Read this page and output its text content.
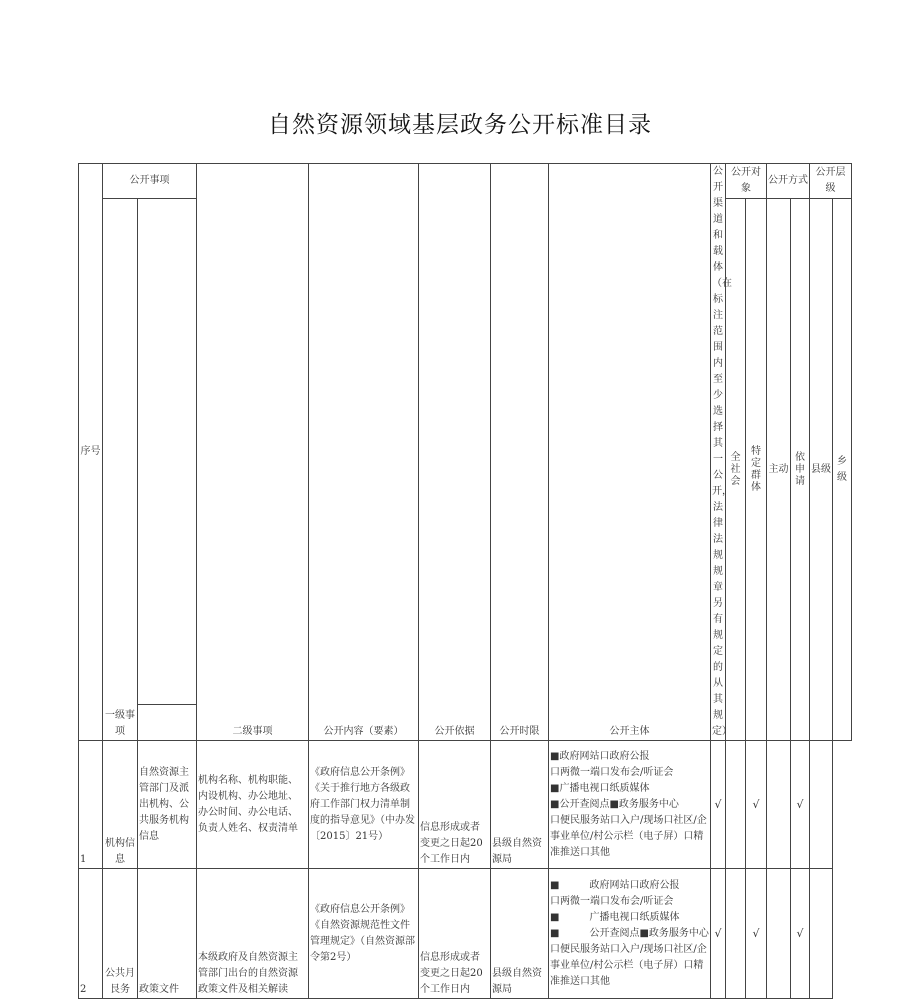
自然资源领域基层政务公开标准目录
序号	公开事项		二级事项	公开内容（要素）	公开依据	公开时限	公开主体	公开渠道和载体（在标注范围内至少选择其一公开，法律法规规章另有规定的从其规定）	公开对象		公开方式		公开层级	
	一级事项								全社会	特定群体	主动	依申请	县级	乡级

1	机构信息	自然资源主管部门及派出机构、公共服务机构信息	机构名称、机构职能、内设机构、办公地址、办公时间、办公电话、负责人姓名、权责清单	《政府信息公开条例》《关于推行地方各级政府工作部门权力清单制度的指导意见》（中办发〔2015〕21号）	信息形成或者变更之日起20个工作日内	县级自然资源局	■政府网站口政府公报
口两微一端口发布会/听证会
■广播电视口纸质媒体
■公开查阅点■政务服务中心
口便民服务站口入户/现场口社区/企事业单位/村公示栏（电子屏）口精准推送口其他	√		√		√		
2	公共月艮务	政策文件	本级政府及自然资源主管部门出台的自然资源政策文件及相关解读	《政府信息公开条例》《自然资源规范性文件管理规定》（自然资源部令第2号）	信息形成或者变更之日起20个工作日内	县级自然资源局	■　　　政府网站口政府公报
口两微一端口发布会/听证会
■　　　广播电视口纸质媒体
■　　　公开查阅点■政务服务中心
口便民服务站口入户/现场口社区/企事业单位/村公示栏（电子屏）口精准推送口其他	√		√		√		
